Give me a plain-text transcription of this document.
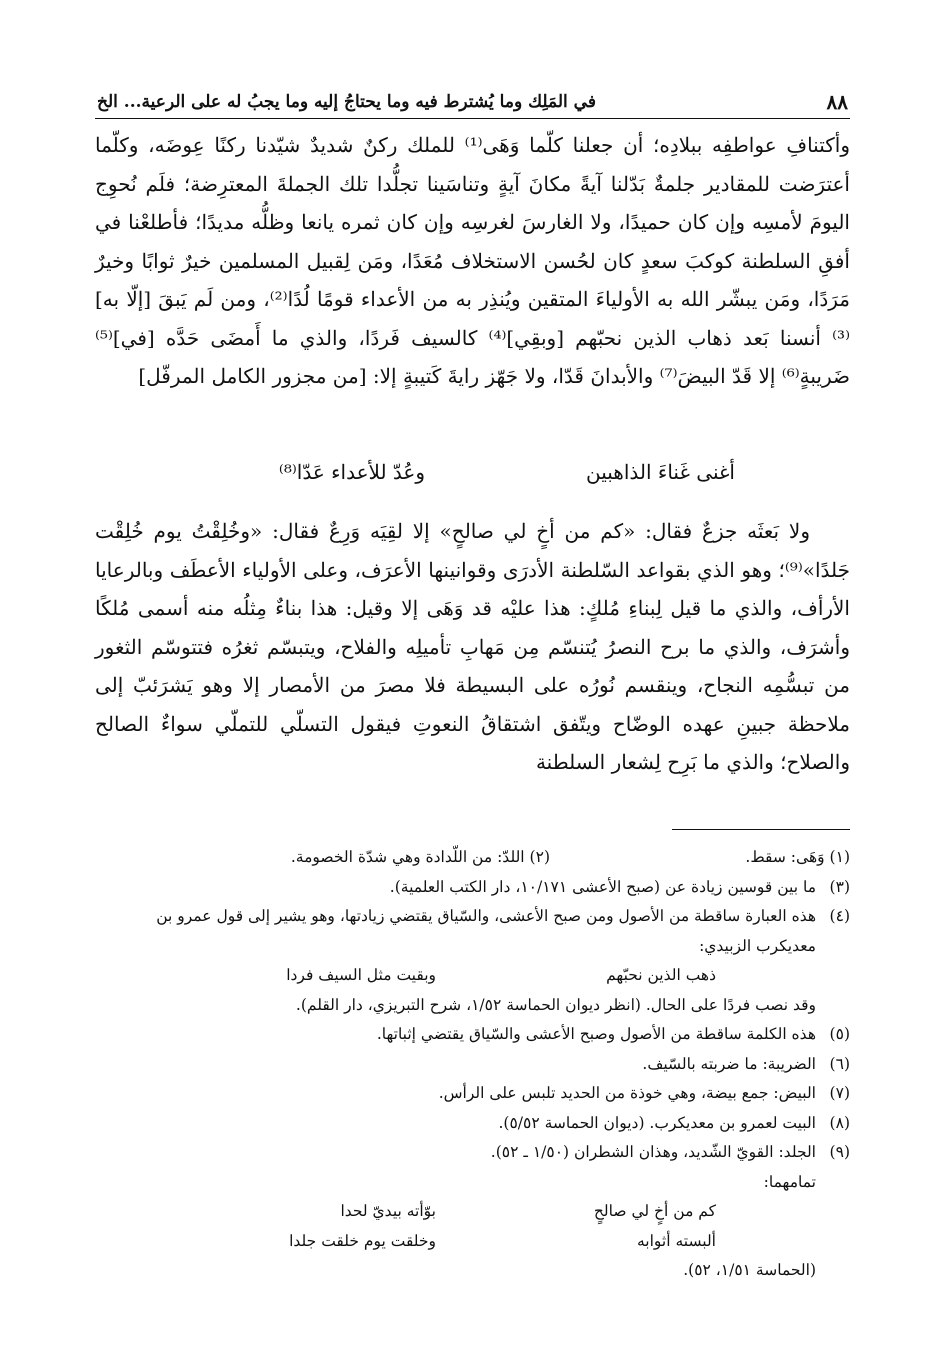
٨٨
في المَلِك وما يُشترط فيه وما يحتاجُ إليه وما يجبُ له على الرعية... الخ

وأكتنافِ عواطفِه ببلادِه؛ أن جعلنا كلّما وَهَى⁽¹⁾ للملك ركنٌ شديدٌ شيّدنا ركنًا عِوضَه، وكلّما أعترَضت للمقادير جلمةٌ بَدّلنا آيةً مكانَ آيةٍ وتناسَينا تجلُّدا تلك الجملةَ المعترِضة؛ فلَم نُحوِج اليومَ لأمسِه وإن كان حميدًا، ولا الغارسَ لغرسِه وإن كان ثمره يانعا وظلُّه مديدًا؛ فأطلعْنا في أفقِ السلطنة كوكبَ سعدٍ كان لحُسن الاستخلاف مُعَدًا، ومَن لِقبيل المسلمين خيرٌ ثوابًا وخيرٌ مَرَدًا، ومَن يبشّر الله به الأولياءَ المتقين ويُنذِر به من الأعداء قومًا لُدًا⁽²⁾، ومن لَم يَبقَ [إلّا به]⁽³⁾ أنسنا بَعد ذهاب الذين نحبّهم [وبقِي]⁽⁴⁾ كالسيف فَردًا، والذي ما أَمضَى حَدَّه [في]⁽⁵⁾ ضَريبةٍ⁽⁶⁾ إلا قَدّ البيضَ⁽⁷⁾ والأبدانَ قَدّا، ولا جَهّز رايةَ كَتيبةٍ إلا: [من مجزور الكامل المرفّل]

أغنى غَناءَ الذاهبين
وعُدّ للأعداء عَدّا⁽⁸⁾

ولا بَعثَه جزعٌ فقال: «كم من أخٍ لي صالحٍ» إلا لقِيَه وَرِعٌ فقال: «وخُلِقْتُ يوم خُلِقْت جَلدًا»⁽⁹⁾؛ وهو الذي بقواعد السّلطنة الأدرَى وقوانينها الأعرَف، وعلى الأولياء الأعطَف وبالرعايا الأرأف، والذي ما قيل لِبناءِ مُلكٍ: هذا عليْه قد وَهَى إلا وقيل: هذا بناءٌ مِثلُه منه أسمى مُلكًا وأشرَف، والذي ما برح النصرُ يُتنسّم مِن مَهابِ تأميلِه والفلاح، ويتبسّم ثغرُه فتتوسّم الثغور من تبسُّمِه النجاح، وينقسم نُورُه على البسيطة فلا مصرَ من الأمصار إلا وهو يَشرَئبّ إلى ملاحظة جبينِ عهده الوضّاح ويتّفق اشتقاقُ النعوتِ فيقول التسلّي للتملّي سواءٌ الصالح والصلاح؛ والذي ما بَرِح لِشعار السلطنة

(١) وَهَى: سقط.
(٢) اللدّ: من اللّدادة وهي شدّة الخصومة.
(٣)
ما بين قوسين زيادة عن (صبح الأعشى ١٠/١٧١، دار الكتب العلمية).
(٤)
هذه العبارة ساقطة من الأصول ومن صبح الأعشى، والسّياق يقتضي زيادتها، وهو يشير إلى قول عمرو بن معديكرب الزبيدي:
ذهب الذين نحبّهم
وبقيت مثل السيف فردا
وقد نصب فردًا على الحال. (انظر ديوان الحماسة ١/٥٢، شرح التبريزي، دار القلم).
(٥)
هذه الكلمة ساقطة من الأصول وصبح الأعشى والسّياق يقتضي إثباتها.
(٦)
الضريبة: ما ضربته بالسّيف.
(٧)
البيض: جمع بيضة، وهي خوذة من الحديد تلبس على الرأس.
(٨)
البيت لعمرو بن معديكرب. (ديوان الحماسة ٥/٥٢).
(٩)
الجلد: القويّ الشّديد، وهذان الشطران (١/٥٠ ـ ٥٢).
تمامهما:
كم من أخٍ لي صالحٍ
بوّأته بيديّ لحدا
ألبسته أثوابه
وخلقت يوم خلقت جلدا
(الحماسة ١/٥١، ٥٢).
